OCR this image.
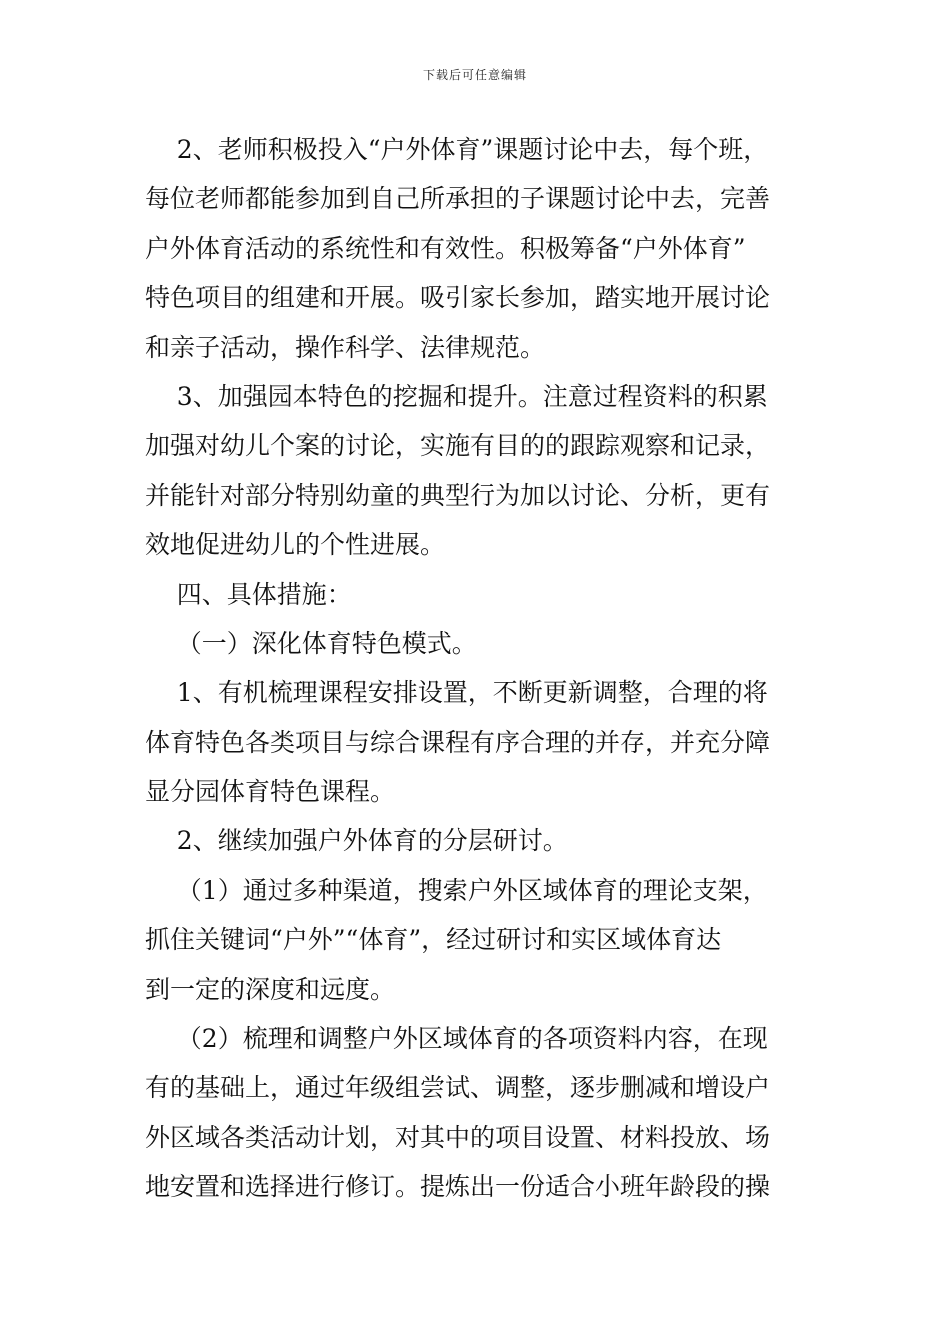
下载后可任意编辑
2、老师积极投入“户外体育”课题讨论中去，每个班，
每位老师都能参加到自己所承担的子课题讨论中去，完善
户外体育活动的系统性和有效性。积极筹备“户外体育”
特色项目的组建和开展。吸引家长参加，踏实地开展讨论
和亲子活动，操作科学、法律规范。
3、加强园本特色的挖掘和提升。注意过程资料的积累
加强对幼儿个案的讨论，实施有目的的跟踪观察和记录，
并能针对部分特别幼童的典型行为加以讨论、分析，更有
效地促进幼儿的个性进展。
四、具体措施：
（一）深化体育特色模式。
1、有机梳理课程安排设置，不断更新调整，合理的将
体育特色各类项目与综合课程有序合理的并存，并充分障
显分园体育特色课程。
2、继续加强户外体育的分层研讨。
（1）通过多种渠道，搜索户外区域体育的理论支架，
抓住关键词“户外”“体育”，经过研讨和实区域体育达
到一定的深度和远度。
（2）梳理和调整户外区域体育的各项资料内容，在现
有的基础上，通过年级组尝试、调整，逐步删减和增设户
外区域各类活动计划，对其中的项目设置、材料投放、场
地安置和选择进行修订。提炼出一份适合小班年龄段的操
